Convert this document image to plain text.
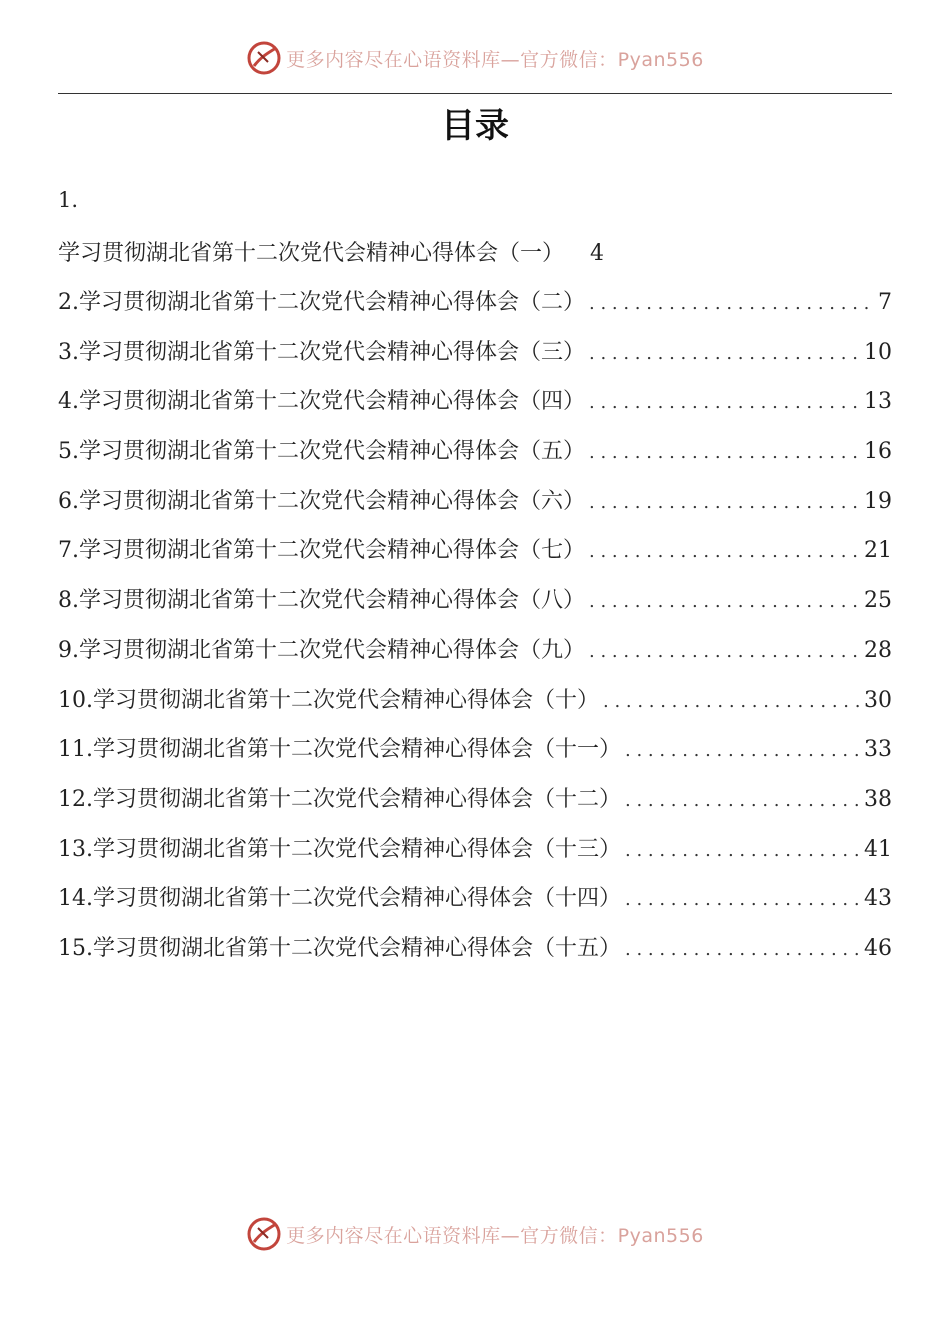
更多内容尽在心语资料库—官方微信：Pyan556
目录
1.
学习贯彻湖北省第十二次党代会精神心得体会（一） 4
2.学习贯彻湖北省第十二次党代会精神心得体会（二） . . .	7
3.学习贯彻湖北省第十二次党代会精神心得体会（三） . . .	10
4.学习贯彻湖北省第十二次党代会精神心得体会（四） . . .	13
5.学习贯彻湖北省第十二次党代会精神心得体会（五） . . .	16
6.学习贯彻湖北省第十二次党代会精神心得体会（六） . . .	19
7.学习贯彻湖北省第十二次党代会精神心得体会（七） . . .	21
8.学习贯彻湖北省第十二次党代会精神心得体会（八） . . .	25
9.学习贯彻湖北省第十二次党代会精神心得体会（九） . . .	28
10.学习贯彻湖北省第十二次党代会精神心得体会（十） . . .	30
11.学习贯彻湖北省第十二次党代会精神心得体会（十一） . . .	33
12.学习贯彻湖北省第十二次党代会精神心得体会（十二） . . .	38
13.学习贯彻湖北省第十二次党代会精神心得体会（十三） . . .	41
14.学习贯彻湖北省第十二次党代会精神心得体会（十四） . . .	43
15.学习贯彻湖北省第十二次党代会精神心得体会（十五） . . .	46
更多内容尽在心语资料库—官方微信：Pyan556
